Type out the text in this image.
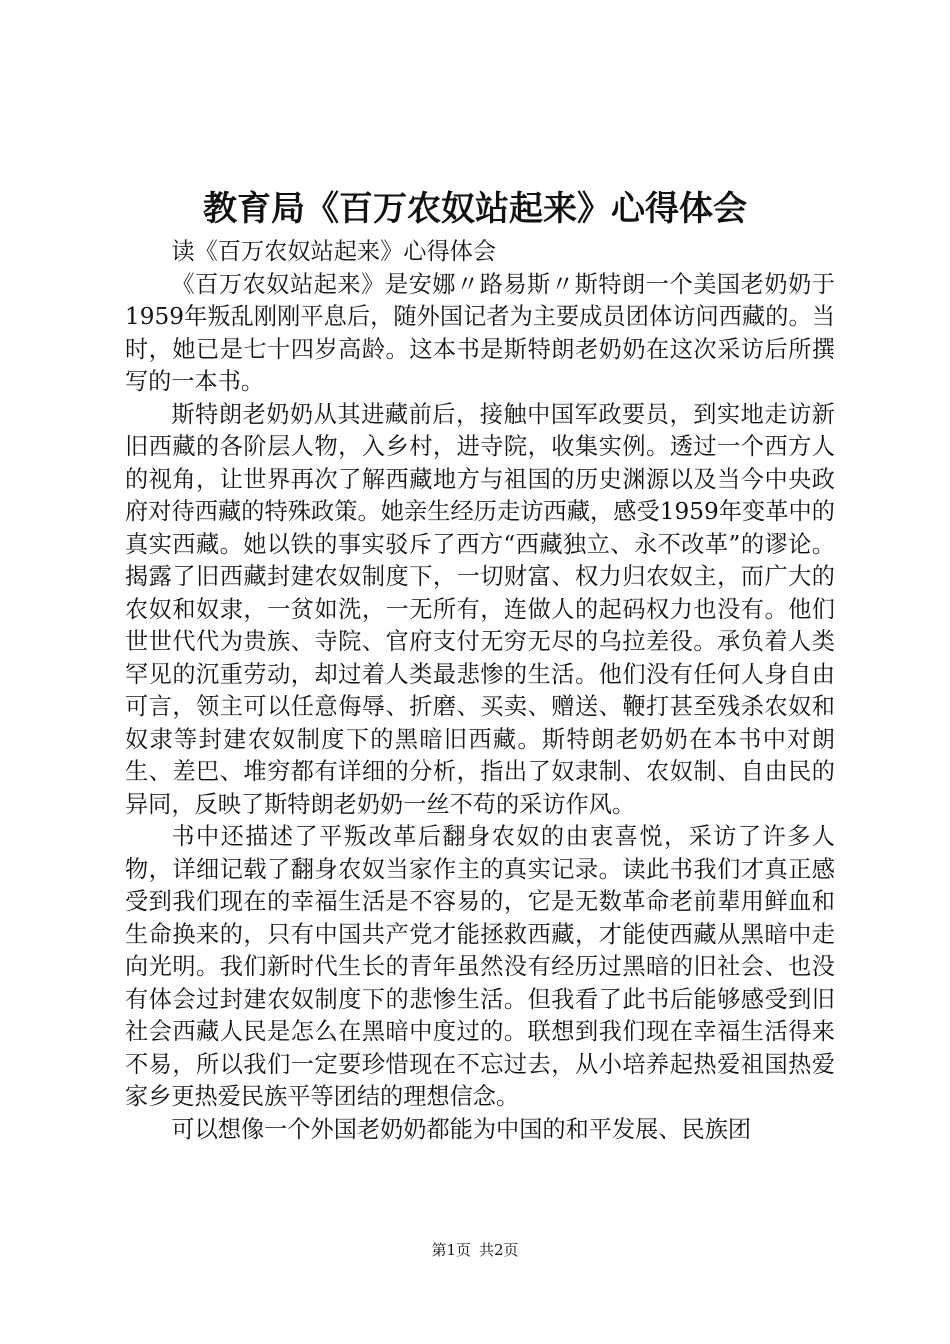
教育局《百万农奴站起来》心得体会

读《百万农奴站起来》心得体会

《百万农奴站起来》是安娜〃路易斯〃斯特朗一个美国老奶奶于1959年叛乱刚刚平息后，随外国记者为主要成员团体访问西藏的。当时，她已是七十四岁高龄。这本书是斯特朗老奶奶在这次采访后所撰写的一本书。

斯特朗老奶奶从其进藏前后，接触中国军政要员，到实地走访新旧西藏的各阶层人物，入乡村，进寺院，收集实例。透过一个西方人的视角，让世界再次了解西藏地方与祖国的历史渊源以及当今中央政府对待西藏的特殊政策。她亲生经历走访西藏，感受1959年变革中的真实西藏。她以铁的事实驳斥了西方“西藏独立、永不改革”的谬论。揭露了旧西藏封建农奴制度下，一切财富、权力归农奴主，而广大的农奴和奴隶，一贫如洗，一无所有，连做人的起码权力也没有。他们世世代代为贵族、寺院、官府支付无穷无尽的乌拉差役。承负着人类罕见的沉重劳动，却过着人类最悲惨的生活。他们没有任何人身自由可言，领主可以任意侮辱、折磨、买卖、赠送、鞭打甚至残杀农奴和奴隶等封建农奴制度下的黑暗旧西藏。斯特朗老奶奶在本书中对朗生、差巴、堆穷都有详细的分析，指出了奴隶制、农奴制、自由民的异同，反映了斯特朗老奶奶一丝不苟的采访作风。

书中还描述了平叛改革后翻身农奴的由衷喜悦，采访了许多人物，详细记载了翻身农奴当家作主的真实记录。读此书我们才真正感受到我们现在的幸福生活是不容易的，它是无数革命老前辈用鲜血和生命换来的，只有中国共产党才能拯救西藏，才能使西藏从黑暗中走向光明。我们新时代生长的青年虽然没有经历过黑暗的旧社会、也没有体会过封建农奴制度下的悲惨生活。但我看了此书后能够感受到旧社会西藏人民是怎么在黑暗中度过的。联想到我们现在幸福生活得来不易，所以我们一定要珍惜现在不忘过去，从小培养起热爱祖国热爱家乡更热爱民族平等团结的理想信念。

可以想像一个外国老奶奶都能为中国的和平发展、民族团

第1页 共2页
